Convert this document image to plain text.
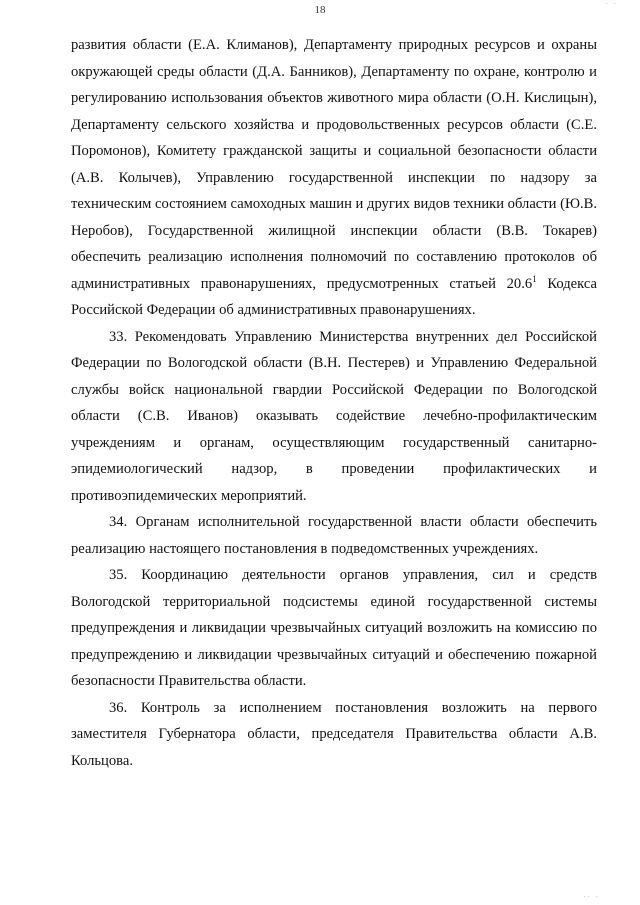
· ·
18

развития области (Е.А. Климанов), Департаменту природных ресурсов и охраны окружающей среды области (Д.А. Банников), Департаменту по охране, контролю и регулированию использования объектов животного мира области (О.Н. Кислицын), Департаменту сельского хозяйства и продовольственных ресурсов области (С.Е. Поромонов), Комитету гражданской защиты и социальной безопасности области (А.В. Колычев), Управлению государственной инспекции по надзору за техническим состоянием самоходных машин и других видов техники области (Ю.В. Неробов), Государственной жилищной инспекции области (В.В. Токарев) обеспечить реализацию исполнения полномочий по составлению протоколов об административных правонарушениях, предусмотренных статьей 20.6$^1$ Кодекса Российской Федерации об административных правонарушениях.

33. Рекомендовать Управлению Министерства внутренних дел Российской Федерации по Вологодской области (В.Н. Пестерев) и Управлению Федеральной службы войск национальной гвардии Российской Федерации по Вологодской области (С.В. Иванов) оказывать содействие лечебно-профилактическим учреждениям и органам, осуществляющим государственный санитарно-эпидемиологический надзор, в проведении профилактических и противоэпидемических мероприятий.

34. Органам исполнительной государственной власти области обеспечить реализацию настоящего постановления в подведомственных учреждениях.

35. Координацию деятельности органов управления, сил и средств Вологодской территориальной подсистемы единой государственной системы предупреждения и ликвидации чрезвычайных ситуаций возложить на комиссию по предупреждению и ликвидации чрезвычайных ситуаций и обеспечению пожарной безопасности Правительства области.

36. Контроль за исполнением постановления возложить на первого заместителя Губернатора области, председателя Правительства области А.В. Кольцова.

·· ·
